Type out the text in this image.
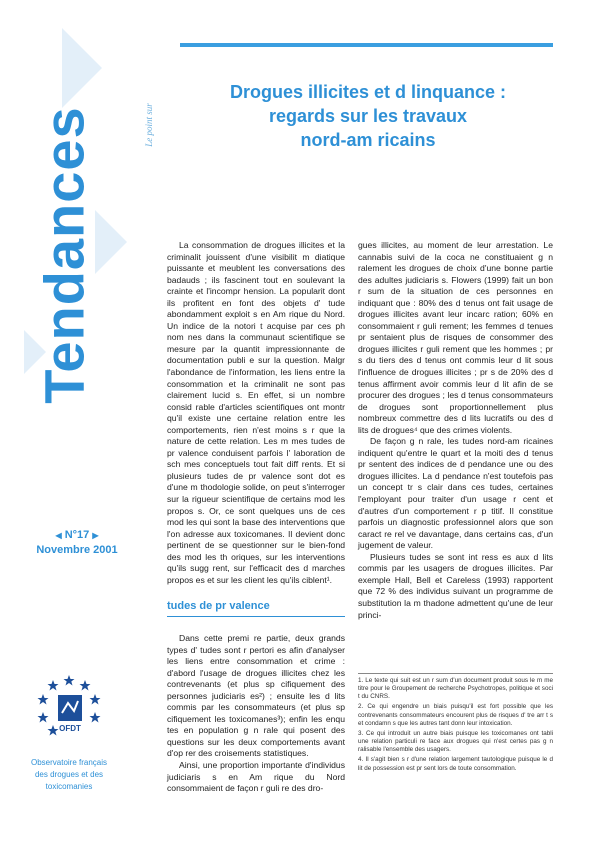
Tendances	Le point sur
Drogues illicites et d linquance :
regards sur les travaux
nord-am ricains
◀ N°17 ▶
Novembre 2001
OFDT
Observatoire français
des drogues et des
toxicomanies

La consommation de drogues illicites et la criminalit jouissent d'une visibilit m diatique puissante et meublent les conversations des badauds ; ils fascinent tout en soulevant la crainte et l'incompr hension. La popularit dont ils profitent en font des objets d' tude abondamment exploit s en Am rique du Nord. Un indice de la notori t acquise par ces ph nom nes dans la communaut scientifique se mesure par la quantit impressionnante de documentation publi e sur la question. Malgr l'abondance de l'information, les liens entre la consommation et la criminalit ne sont pas clairement lucid s. En effet, si un nombre consid rable d'articles scientifiques ont montr qu'il existe une certaine relation entre les comportements, rien n'est moins s r que la nature de cette relation. Les m mes tudes de pr valence conduisent parfois l' laboration de sch mes conceptuels tout fait diff rents. Et si plusieurs tudes de pr valence sont dot es d'une m thodologie solide, on peut s'interroger sur la rigueur scientifique de certains mod les propos s. Or, ce sont quelques uns de ces mod les qui sont la base des interventions que l'on adresse aux toxicomanes. Il devient donc pertinent de se questionner sur le bien-fond des mod les th oriques, sur les interventions qu'ils sugg rent, sur l'efficacit des d marches propos es et sur les client les qu'ils ciblent¹.

tudes de pr valence

Dans cette premi re partie, deux grands types d' tudes sont r pertori es afin d'analyser les liens entre consommation et crime : d'abord l'usage de drogues illicites chez les contrevenants (et plus sp cifiquement des personnes judiciaris es²) ; ensuite les d lits commis par les consommateurs (et plus sp cifiquement les toxicomanes³); enfin les enqu tes en population g n rale qui posent des questions sur les deux comportements avant d'op rer des croisements statistiques.

Ainsi, une proportion importante d'individus judiciaris s en Am rique du Nord consommaient de façon r guli re des dro-

gues illicites, au moment de leur arrestation. Le cannabis suivi de la coca ne constituaient g n ralement les drogues de choix d'une bonne partie des adultes judiciaris s. Flowers (1999) fait un bon r sum de la situation de ces personnes en indiquant que : 80% des d tenus ont fait usage de drogues illicites avant leur incarc ration; 60% en consommaient r guli rement; les femmes d tenues pr sentaient plus de risques de consommer des drogues illicites r guli rement que les hommes ; pr s du tiers des d tenus ont commis leur d lit sous l'influence de drogues illicites ; pr s de 20% des d tenus affirment avoir commis leur d lit afin de se procurer des drogues ; les d tenus consommateurs de drogues sont proportionnellement plus nombreux commettre des d lits lucratifs ou des d lits de drogues⁴ que des crimes violents.

De façon g n rale, les tudes nord-am ricaines indiquent qu'entre le quart et la moiti des d tenus pr sentent des indices de d pendance une ou des drogues illicites. La d pendance n'est toutefois pas un concept tr s clair dans ces tudes, certaines l'employant pour traiter d'un usage r cent et d'autres d'un comportement r p titif. Il constitue parfois un diagnostic professionnel alors que son caract re rel ve davantage, dans certains cas, d'un jugement de valeur.

Plusieurs tudes se sont int ress es aux d lits commis par les usagers de drogues illicites. Par exemple Hall, Bell et Careless (1993) rapportent que 72 % des individus suivant un programme de substitution la m thadone admettent qu'une de leur princi-

1. Le texte qui suit est un r sum d'un document produit sous le m me titre pour le Groupement de recherche Psychotropes, politique et soci t du CNRS.

2. Ce qui engendre un biais puisqu'il est fort possible que les contrevenants consommateurs encourent plus de risques d' tre arr t s et condamn s que les autres tant donn leur intoxication.

3. Ce qui introduit un autre biais puisque les toxicomanes ont tabli une relation particuli re face aux drogues qui n'est certes pas g n ralisable l'ensemble des usagers.

4. Il s'agit bien s r d'une relation largement tautologique puisque le d lit de possession est pr sent lors de toute consommation.
